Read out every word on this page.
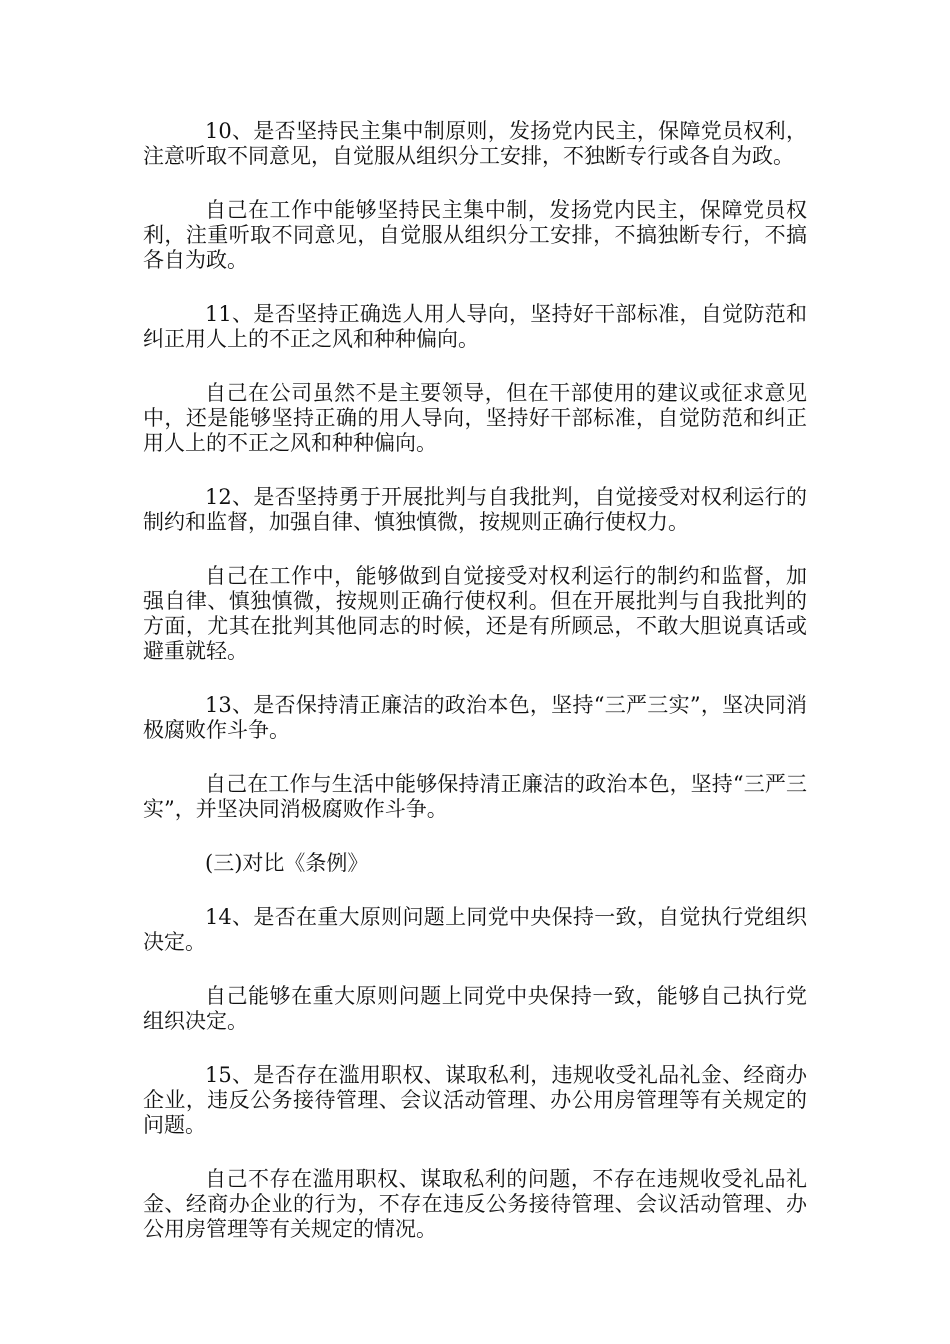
10、是否坚持民主集中制原则，发扬党内民主，保障党员权利，注意听取不同意见，自觉服从组织分工安排，不独断专行或各自为政。

自己在工作中能够坚持民主集中制，发扬党内民主，保障党员权利，注重听取不同意见，自觉服从组织分工安排，不搞独断专行，不搞各自为政。

11、是否坚持正确选人用人导向，坚持好干部标准，自觉防范和纠正用人上的不正之风和种种偏向。

自己在公司虽然不是主要领导，但在干部使用的建议或征求意见中，还是能够坚持正确的用人导向，坚持好干部标准，自觉防范和纠正用人上的不正之风和种种偏向。

12、是否坚持勇于开展批判与自我批判，自觉接受对权利运行的制约和监督，加强自律、慎独慎微，按规则正确行使权力。

自己在工作中，能够做到自觉接受对权利运行的制约和监督，加强自律、慎独慎微，按规则正确行使权利。但在开展批判与自我批判的方面，尤其在批判其他同志的时候，还是有所顾忌，不敢大胆说真话或避重就轻。

13、是否保持清正廉洁的政治本色，坚持“三严三实”，坚决同消极腐败作斗争。

自己在工作与生活中能够保持清正廉洁的政治本色，坚持“三严三实”，并坚决同消极腐败作斗争。

(三)对比《条例》

14、是否在重大原则问题上同党中央保持一致，自觉执行党组织决定。

自己能够在重大原则问题上同党中央保持一致，能够自己执行党组织决定。

15、是否存在滥用职权、谋取私利，违规收受礼品礼金、经商办企业，违反公务接待管理、会议活动管理、办公用房管理等有关规定的问题。

自己不存在滥用职权、谋取私利的问题，不存在违规收受礼品礼金、经商办企业的行为，不存在违反公务接待管理、会议活动管理、办公用房管理等有关规定的情况。
